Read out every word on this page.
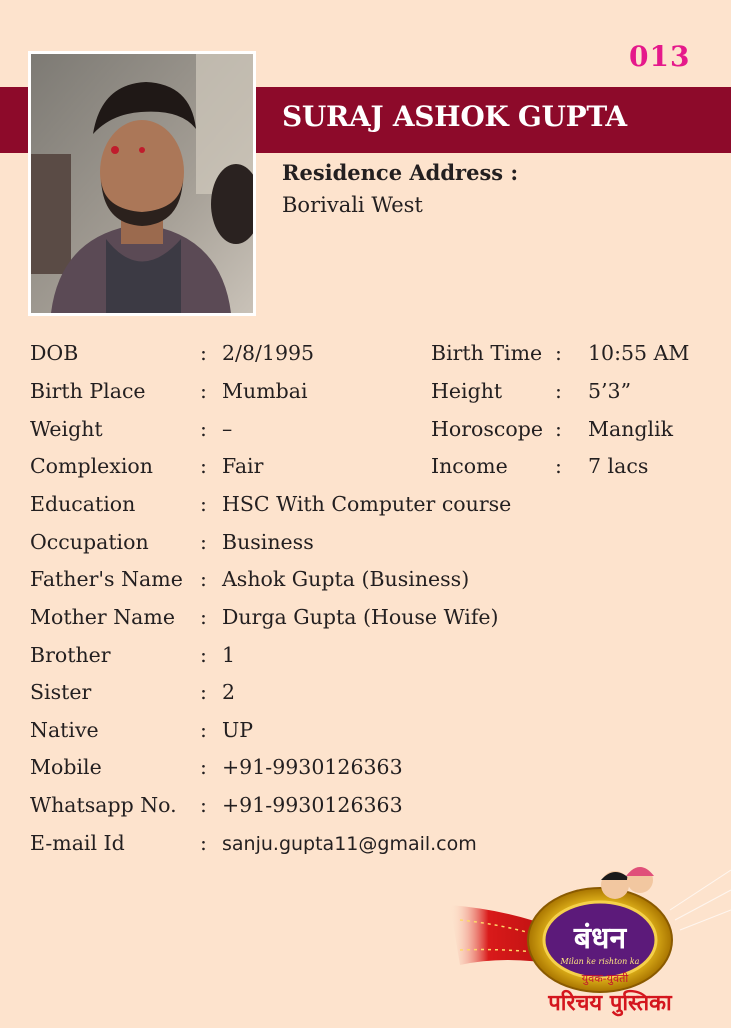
013
SURAJ ASHOK GUPTA
Residence Address :
Borivali West
DOB	: 2/8/1995	Birth Time : 10:55 AM
Birth Place	: Mumbai	Height	: 5’3”
Weight	: –	Horoscope : Manglik
Complexion : Fair	Income : 7 lacs
Education	: HSC With Computer course
Occupation	: Business
Father's Name : Ashok Gupta (Business)
Mother Name : Durga Gupta (House Wife)
Brother	: 1
Sister	: 2
Native	: UP
Mobile	: +91-9930126363
Whatsapp No. : +91-9930126363
E-mail Id	: sanju.gupta11@gmail.com
बंधन
Milan ke rishton ka
युवक-युवती
परिचय पुस्तिका
